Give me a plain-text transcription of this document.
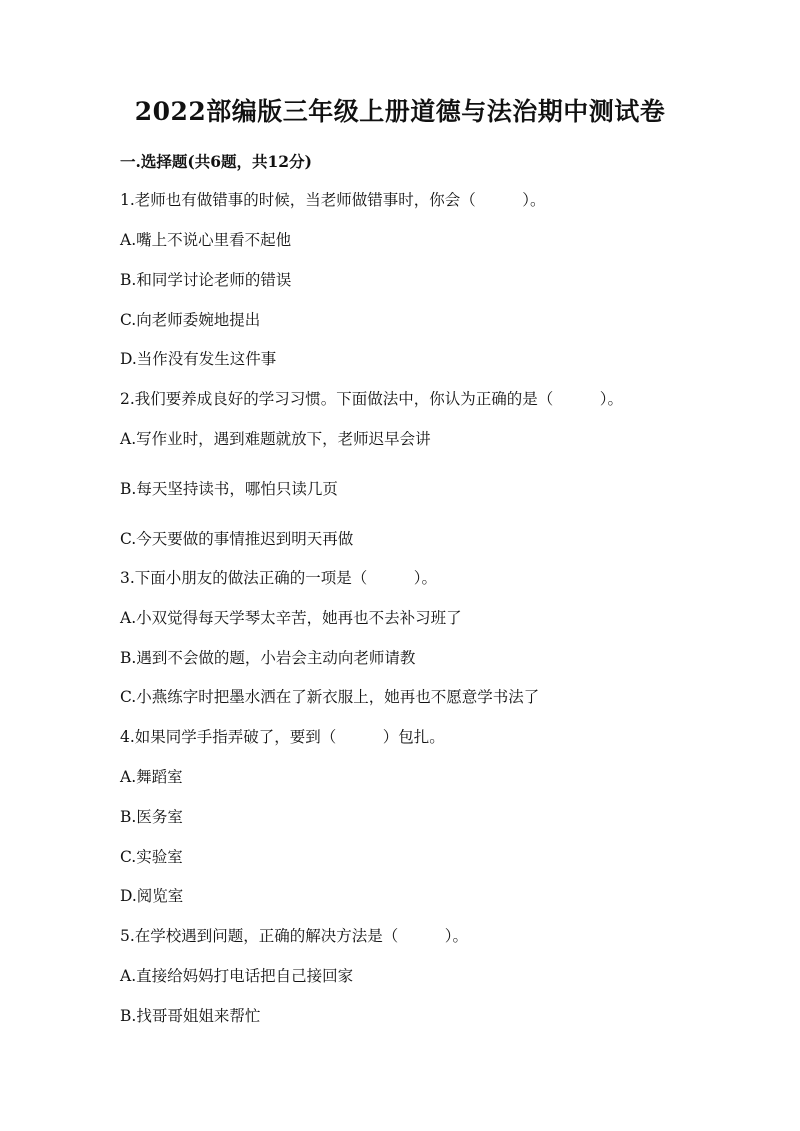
2022部编版三年级上册道德与法治期中测试卷
一.选择题(共6题，共12分)
1.老师也有做错事的时候，当老师做错事时，你会（　　　）。
A.嘴上不说心里看不起他
B.和同学讨论老师的错误
C.向老师委婉地提出
D.当作没有发生这件事
2.我们要养成良好的学习习惯。下面做法中，你认为正确的是（　　　）。
A.写作业时，遇到难题就放下，老师迟早会讲
B.每天坚持读书，哪怕只读几页
C.今天要做的事情推迟到明天再做
3.下面小朋友的做法正确的一项是（　　　）。
A.小双觉得每天学琴太辛苦，她再也不去补习班了
B.遇到不会做的题，小岩会主动向老师请教
C.小燕练字时把墨水洒在了新衣服上，她再也不愿意学书法了
4.如果同学手指弄破了，要到（　　　）包扎。
A.舞蹈室
B.医务室
C.实验室
D.阅览室
5.在学校遇到问题，正确的解决方法是（　　　）。
A.直接给妈妈打电话把自己接回家
B.找哥哥姐姐来帮忙
